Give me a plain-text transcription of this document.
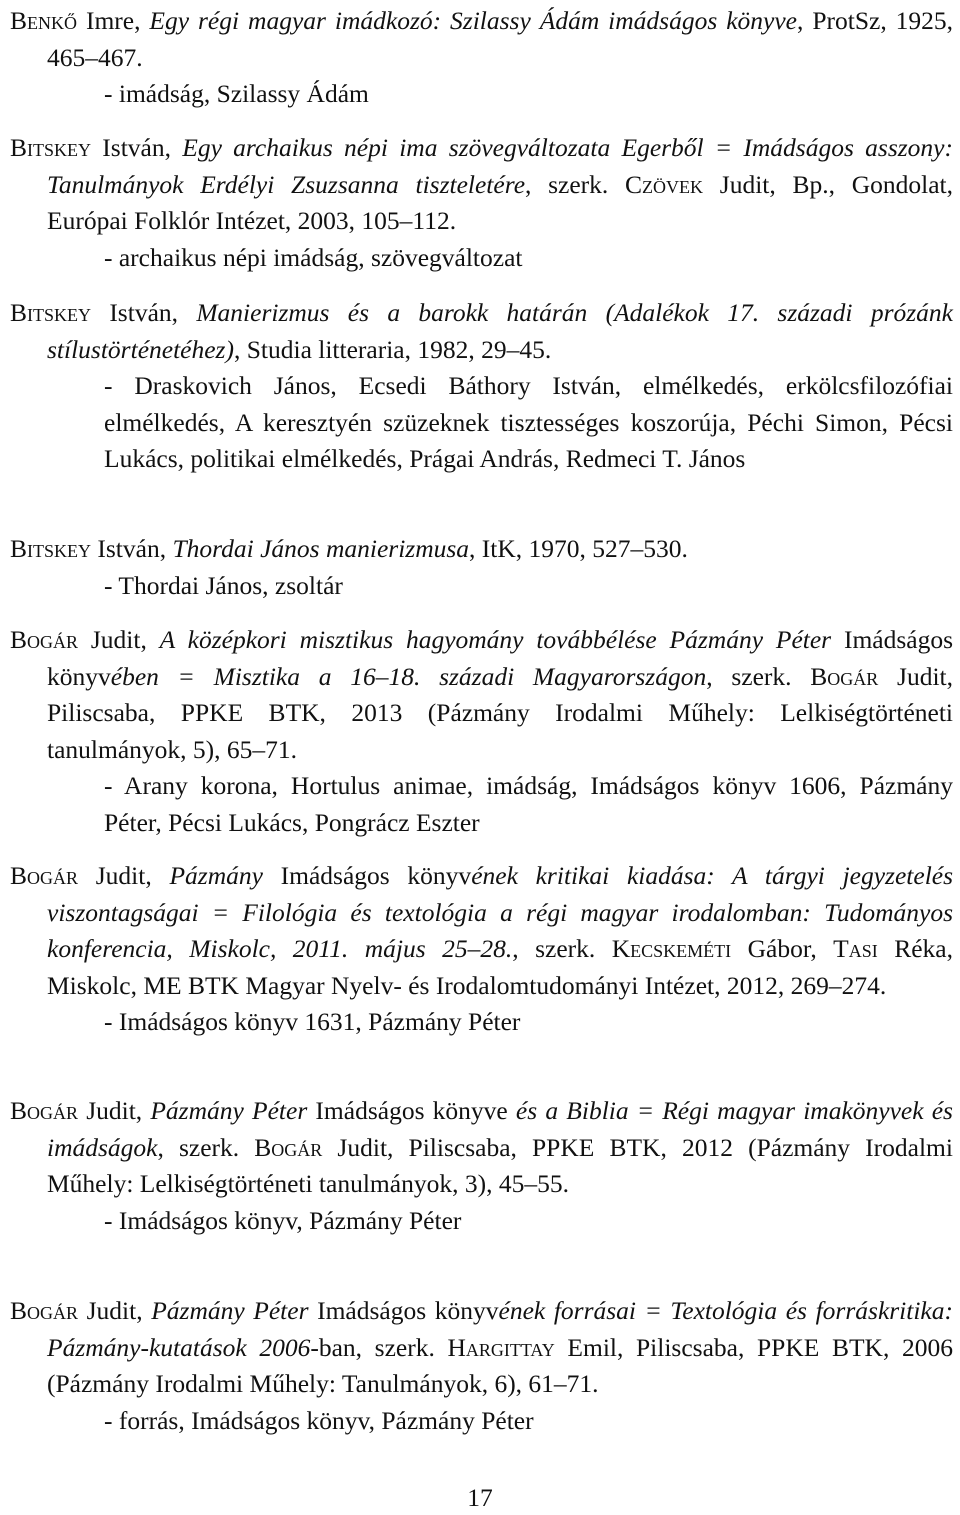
Benkő Imre, Egy régi magyar imádkozó: Szilassy Ádám imádságos könyve, ProtSz, 1925, 465–467.

- imádság, Szilassy Ádám

Bitskey István, Egy archaikus népi ima szövegváltozata Egerből = Imádságos asszony: Tanulmányok Erdélyi Zsuzsanna tiszteletére, szerk. Czövek Judit, Bp., Gondolat, Európai Folklór Intézet, 2003, 105–112.

- archaikus népi imádság, szövegváltozat

Bitskey István, Manierizmus és a barokk határán (Adalékok 17. századi prózánk stílustörténetéhez), Studia litteraria, 1982, 29–45.

- Draskovich János, Ecsedi Báthory István, elmélkedés, erkölcsfilozófiai elmélkedés, A keresztyén szüzeknek tisztességes koszorúja, Péchi Simon, Pécsi Lukács, politikai elmélkedés, Prágai András, Redmeci T. János

Bitskey István, Thordai János manierizmusa, ItK, 1970, 527–530.

- Thordai János, zsoltár

Bogár Judit, A középkori misztikus hagyomány továbbélése Pázmány Péter Imádságos könyvében = Misztika a 16–18. századi Magyarországon, szerk. Bogár Judit, Piliscsaba, PPKE BTK, 2013 (Pázmány Irodalmi Műhely: Lelkiségtörténeti tanulmányok, 5), 65–71.

- Arany korona, Hortulus animae, imádság, Imádságos könyv 1606, Pázmány Péter, Pécsi Lukács, Pongrácz Eszter

Bogár Judit, Pázmány Imádságos könyvének kritikai kiadása: A tárgyi jegyzetelés viszontagságai = Filológia és textológia a régi magyar irodalomban: Tudományos konferencia, Miskolc, 2011. május 25–28., szerk. Kecskeméti Gábor, Tasi Réka, Miskolc, ME BTK Magyar Nyelv- és Irodalomtudományi Intézet, 2012, 269–274.

- Imádságos könyv 1631, Pázmány Péter

Bogár Judit, Pázmány Péter Imádságos könyve és a Biblia = Régi magyar imakönyvek és imádságok, szerk. Bogár Judit, Piliscsaba, PPKE BTK, 2012 (Pázmány Irodalmi Műhely: Lelkiségtörténeti tanulmányok, 3), 45–55.

- Imádságos könyv, Pázmány Péter

Bogár Judit, Pázmány Péter Imádságos könyvének forrásai = Textológia és forráskritika: Pázmány-kutatások 2006-ban, szerk. Hargittay Emil, Piliscsaba, PPKE BTK, 2006 (Pázmány Irodalmi Műhely: Tanulmányok, 6), 61–71.

- forrás, Imádságos könyv, Pázmány Péter

17
